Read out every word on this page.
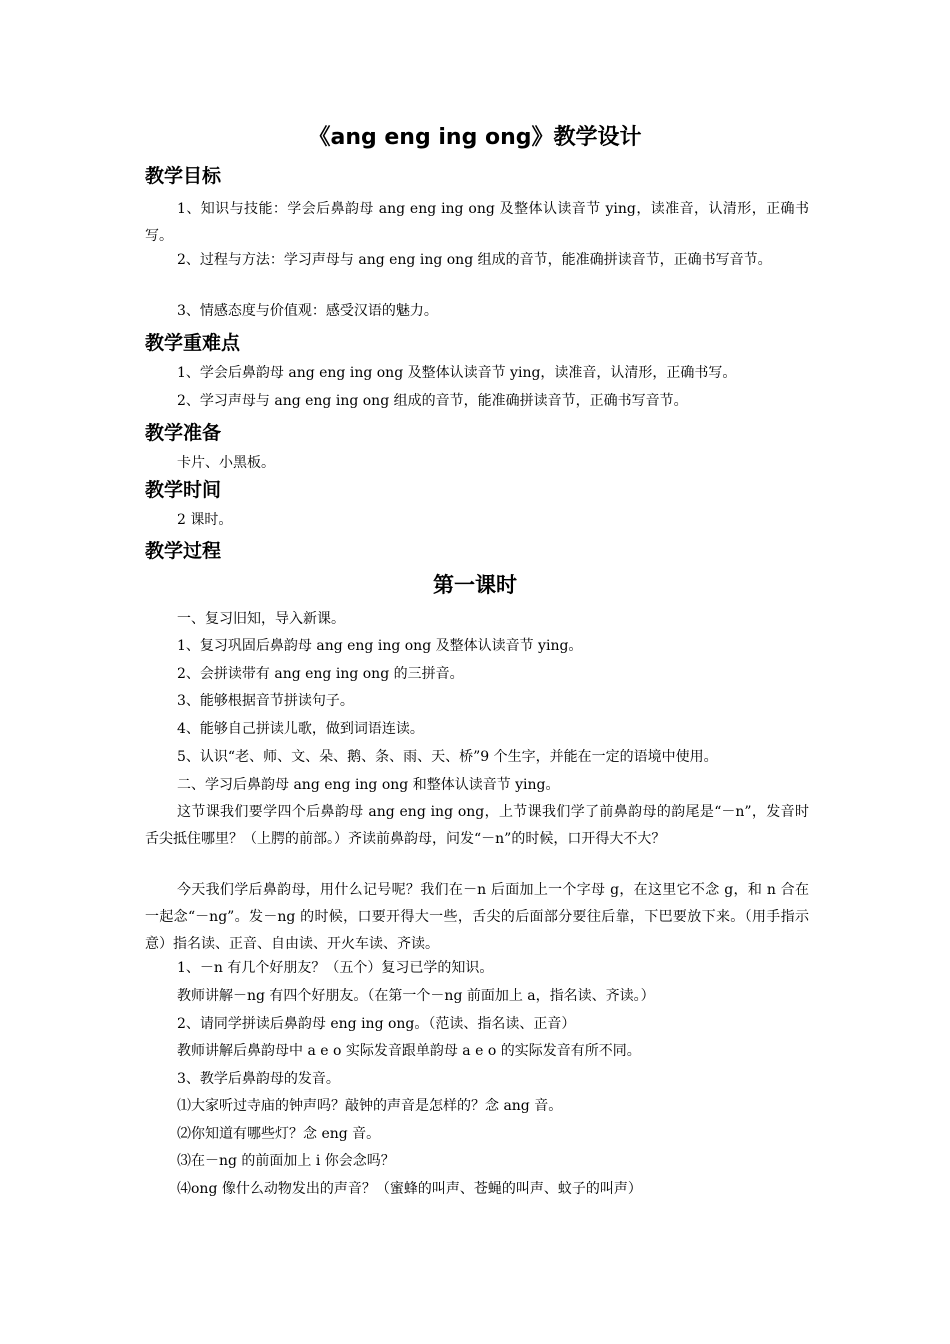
《ang eng ing ong》教学设计
教学目标

1、知识与技能：学会后鼻韵母 ang eng ing ong 及整体认读音节 ying，读准音，认清形，正确书写。

2、过程与方法：学习声母与 ang eng ing ong 组成的音节，能准确拼读音节，正确书写音节。

3、情感态度与价值观：感受汉语的魅力。

教学重难点

1、学会后鼻韵母 ang eng ing ong 及整体认读音节 ying，读准音，认清形，正确书写。

2、学习声母与 ang eng ing ong 组成的音节，能准确拼读音节，正确书写音节。

教学准备

卡片、小黑板。

教学时间

2 课时。

教学过程
第一课时

一、复习旧知，导入新课。

1、复习巩固后鼻韵母 ang eng ing ong 及整体认读音节 ying。

2、会拼读带有 ang eng ing ong 的三拼音。

3、能够根据音节拼读句子。

4、能够自己拼读儿歌，做到词语连读。

5、认识“老、师、文、朵、鹅、条、雨、天、桥”9 个生字，并能在一定的语境中使用。

二、学习后鼻韵母 ang eng ing ong 和整体认读音节 ying。

这节课我们要学四个后鼻韵母 ang eng ing ong，上节课我们学了前鼻韵母的韵尾是“－n”，发音时舌尖抵住哪里？（上腭的前部。）齐读前鼻韵母，问发“－n”的时候，口开得大不大？

今天我们学后鼻韵母，用什么记号呢？我们在－n 后面加上一个字母 g，在这里它不念 g，和 n 合在一起念“－ng”。发－ng 的时候，口要开得大一些，舌尖的后面部分要往后靠，下巴要放下来。（用手指示意）指名读、正音、自由读、开火车读、齐读。

1、－n 有几个好朋友？（五个）复习已学的知识。

教师讲解－ng 有四个好朋友。（在第一个－ng 前面加上 a，指名读、齐读。）

2、请同学拼读后鼻韵母 eng ing ong。（范读、指名读、正音）

教师讲解后鼻韵母中 a e o 实际发音跟单韵母 a e o 的实际发音有所不同。

3、教学后鼻韵母的发音。

⑴大家听过寺庙的钟声吗？敲钟的声音是怎样的？念 ang 音。

⑵你知道有哪些灯？念 eng 音。

⑶在－ng 的前面加上 i 你会念吗？

⑷ong 像什么动物发出的声音？（蜜蜂的叫声、苍蝇的叫声、蚊子的叫声）
